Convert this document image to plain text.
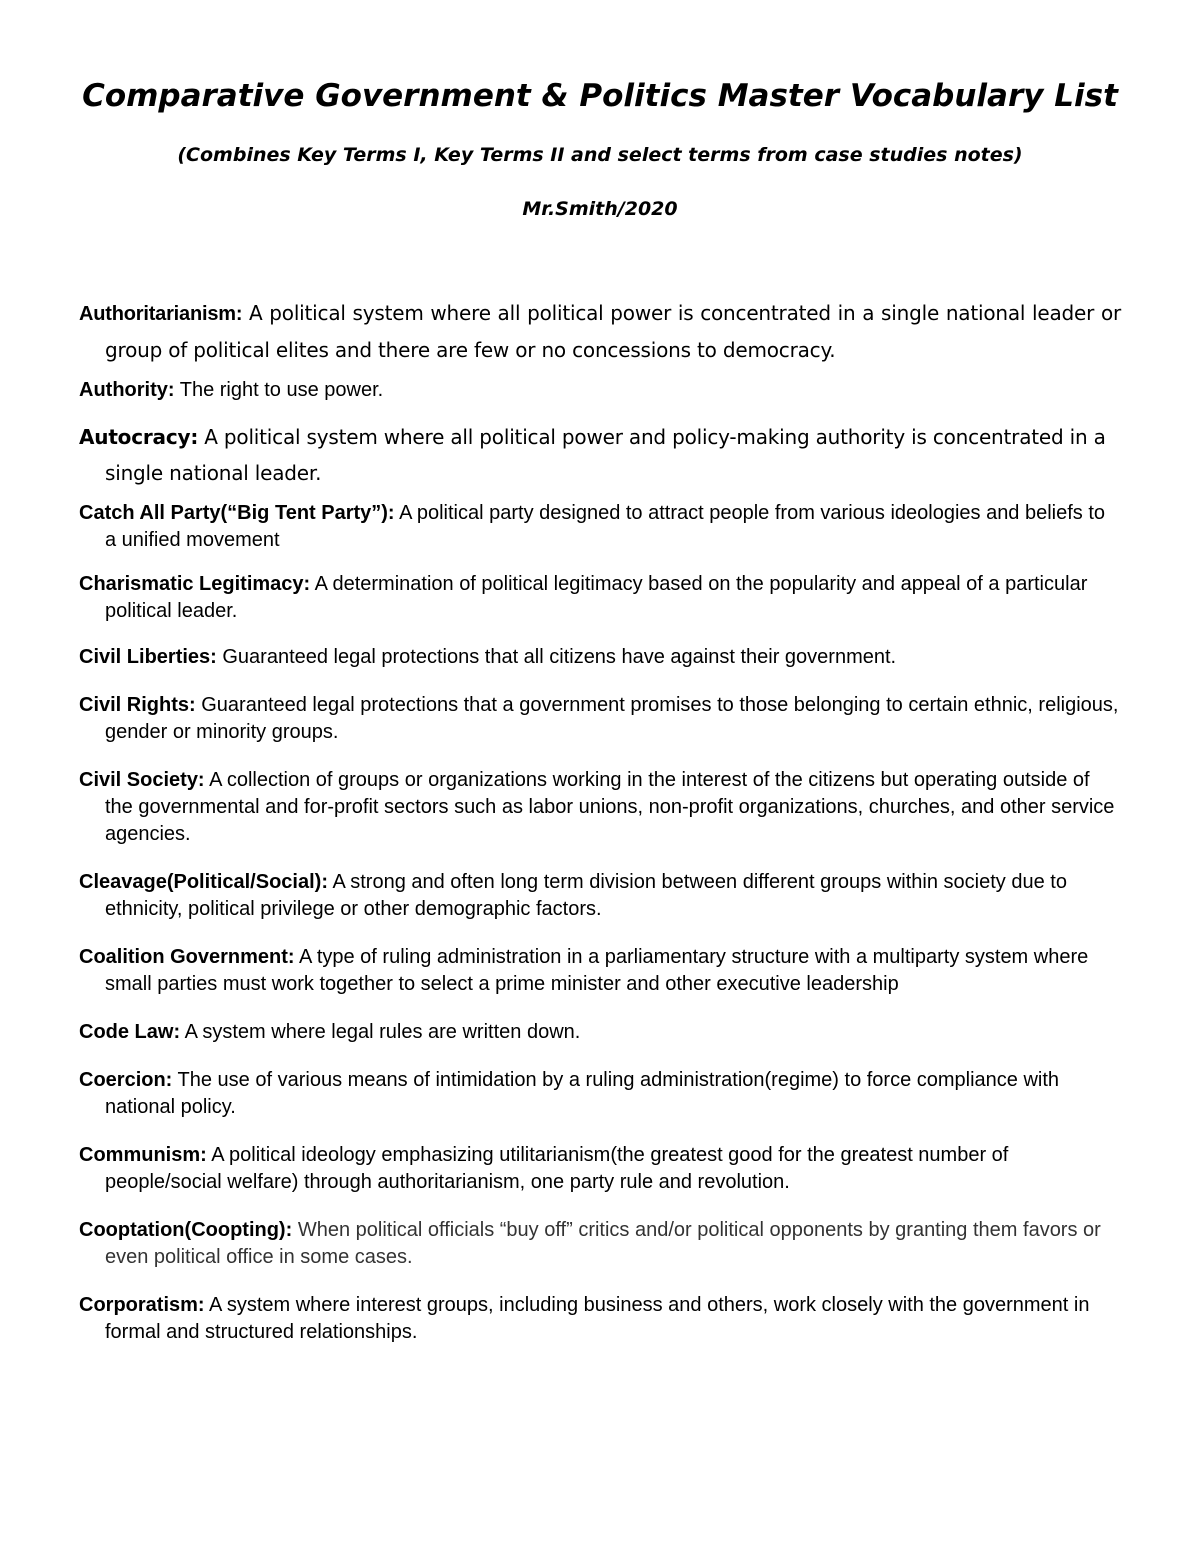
Comparative Government & Politics Master Vocabulary List

(Combines Key Terms I, Key Terms II and select terms from case studies notes)

Mr.Smith/2020

Authoritarianism: A political system where all political power is concentrated in a single national leader or group of political elites and there are few or no concessions to democracy.

Authority: The right to use power.

Autocracy: A political system where all political power and policy-making authority is concentrated in a single national leader.

Catch All Party(“Big Tent Party”): A political party designed to attract people from various ideologies and beliefs to a unified movement

Charismatic Legitimacy: A determination of political legitimacy based on the popularity and appeal of a particular political leader.

Civil Liberties: Guaranteed legal protections that all citizens have against their government.

Civil Rights: Guaranteed legal protections that a government promises to those belonging to certain ethnic, religious, gender or minority groups.

Civil Society: A collection of groups or organizations working in the interest of the citizens but operating outside of the governmental and for-profit sectors such as labor unions, non-profit organizations, churches, and other service agencies.

Cleavage(Political/Social): A strong and often long term division between different groups within society due to ethnicity, political privilege or other demographic factors.

Coalition Government: A type of ruling administration in a parliamentary structure with a multiparty system where small parties must work together to select a prime minister and other executive leadership

Code Law: A system where legal rules are written down.

Coercion: The use of various means of intimidation by a ruling administration(regime) to force compliance with national policy.

Communism: A political ideology emphasizing utilitarianism(the greatest good for the greatest number of people/social welfare) through authoritarianism, one party rule and revolution.

Cooptation(Coopting): When political officials “buy off” critics and/or political opponents by granting them favors or even political office in some cases.

Corporatism: A system where interest groups, including business and others, work closely with the government in formal and structured relationships.
